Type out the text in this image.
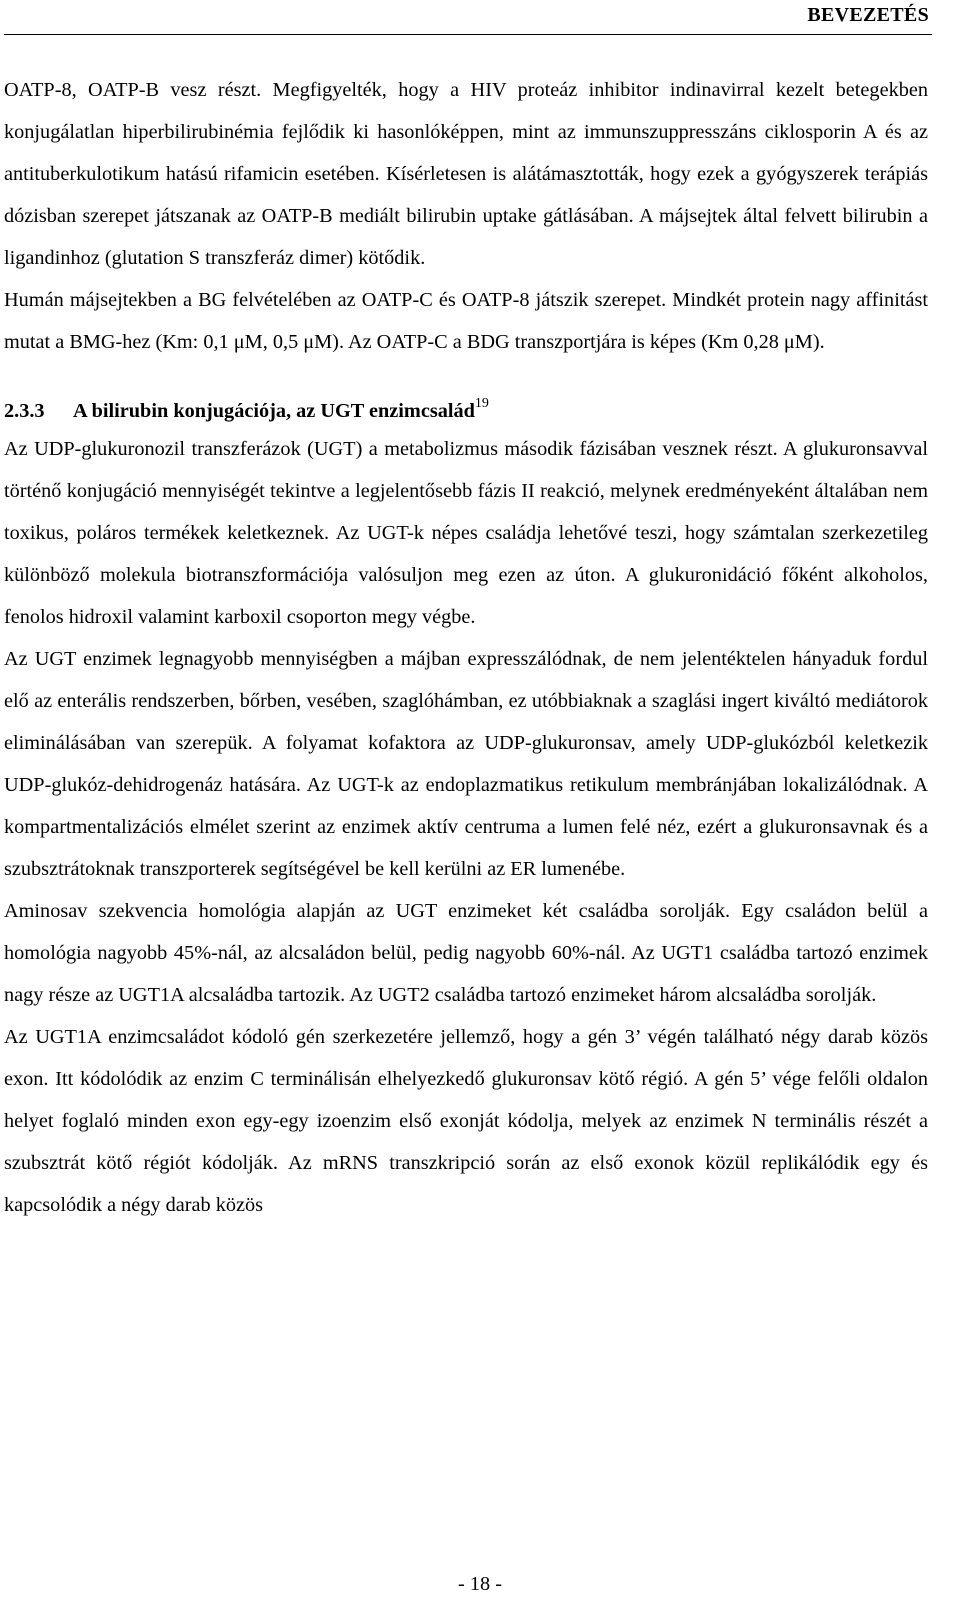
BEVEZETÉS

OATP-8, OATP-B vesz részt. Megfigyelték, hogy a HIV proteáz inhibitor indinavirral kezelt betegekben konjugálatlan hiperbilirubinémia fejlődik ki hasonlóképpen, mint az immunszuppresszáns ciklosporin A és az antituberkulotikum hatású rifamicin esetében. Kísérletesen is alátámasztották, hogy ezek a gyógyszerek terápiás dózisban szerepet játszanak az OATP-B mediált bilirubin uptake gátlásában. A májsejtek által felvett bilirubin a ligandinhoz (glutation S transzferáz dimer) kötődik.

Humán májsejtekben a BG felvételében az OATP-C és OATP-8 játszik szerepet. Mindkét protein nagy affinitást mutat a BMG-hez (Km: 0,1 μM, 0,5 μM). Az OATP-C a BDG transzportjára is képes (Km 0,28 μM).

2.3.3 A bilirubin konjugációja, az UGT enzimcsalád$^{19}$

Az UDP-glukuronozil transzferázok (UGT) a metabolizmus második fázisában vesznek részt. A glukuronsavval történő konjugáció mennyiségét tekintve a legjelentősebb fázis II reakció, melynek eredményeként általában nem toxikus, poláros termékek keletkeznek. Az UGT-k népes családja lehetővé teszi, hogy számtalan szerkezetileg különböző molekula biotranszformációja valósuljon meg ezen az úton. A glukuronidáció főként alkoholos, fenolos hidroxil valamint karboxil csoporton megy végbe.

Az UGT enzimek legnagyobb mennyiségben a májban expresszálódnak, de nem jelentéktelen hányaduk fordul elő az enterális rendszerben, bőrben, vesében, szaglóhámban, ez utóbbiaknak a szaglási ingert kiváltó mediátorok eliminálásában van szerepük. A folyamat kofaktora az UDP-glukuronsav, amely UDP-glukózból keletkezik UDP-glukóz-dehidrogenáz hatására. Az UGT-k az endoplazmatikus retikulum membránjában lokalizálódnak. A kompartmentalizációs elmélet szerint az enzimek aktív centruma a lumen felé néz, ezért a glukuronsavnak és a szubsztrátoknak transzporterek segítségével be kell kerülni az ER lumenébe.

Aminosav szekvencia homológia alapján az UGT enzimeket két családba sorolják. Egy családon belül a homológia nagyobb 45%-nál, az alcsaládon belül, pedig nagyobb 60%-nál. Az UGT1 családba tartozó enzimek nagy része az UGT1A alcsaládba tartozik. Az UGT2 családba tartozó enzimeket három alcsaládba sorolják.

Az UGT1A enzimcsaládot kódoló gén szerkezetére jellemző, hogy a gén 3’ végén található négy darab közös exon. Itt kódolódik az enzim C terminálisán elhelyezkedő glukuronsav kötő régió. A gén 5’ vége felőli oldalon helyet foglaló minden exon egy-egy izoenzim első exonját kódolja, melyek az enzimek N terminális részét a szubsztrát kötő régiót kódolják. Az mRNS transzkripció során az első exonok közül replikálódik egy és kapcsolódik a négy darab közös

- 18 -
